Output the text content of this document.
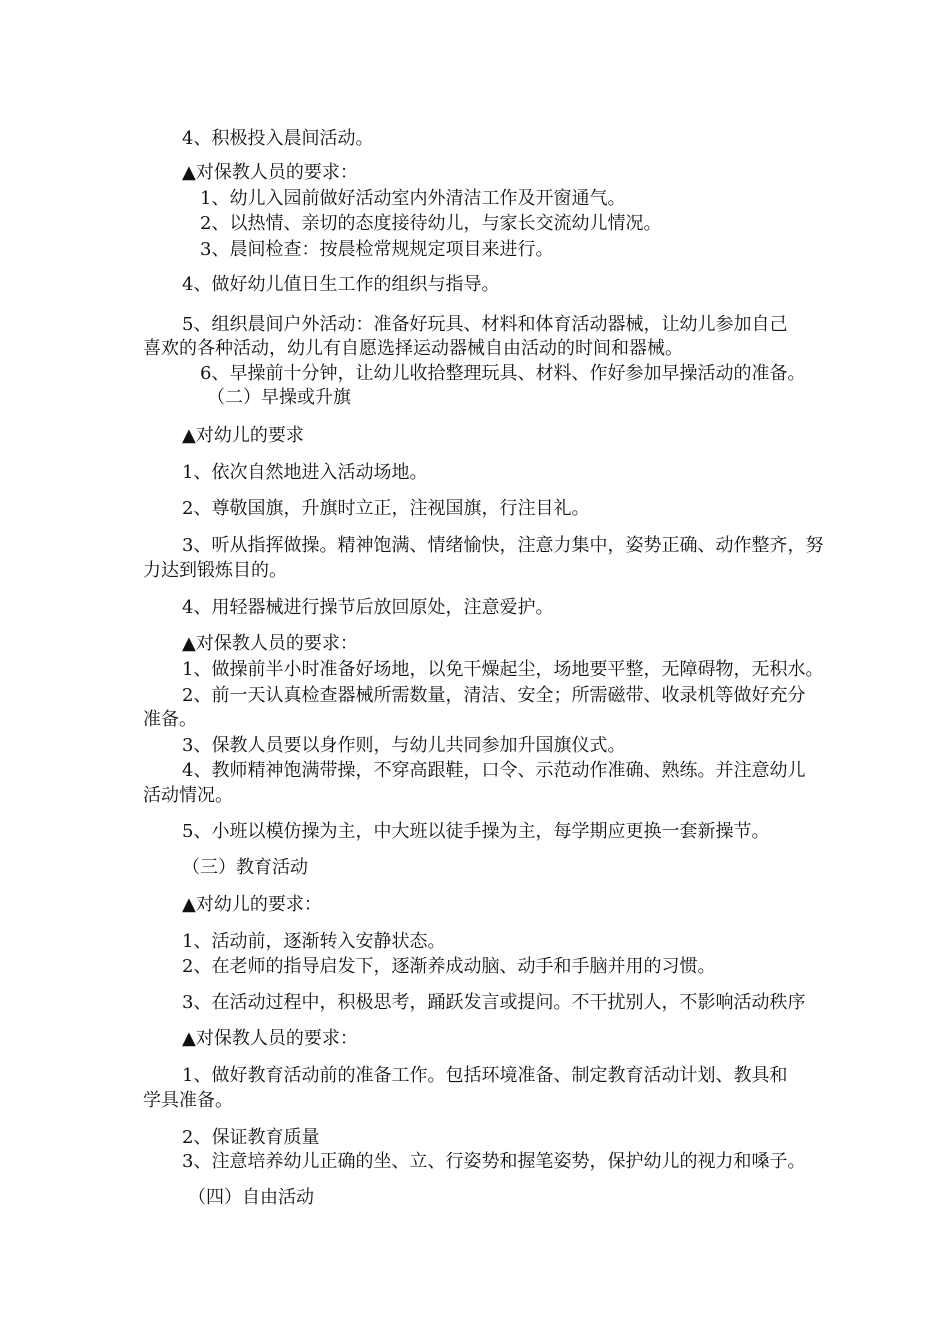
4、积极投入晨间活动。
▲对保教人员的要求：
1、幼儿入园前做好活动室内外清洁工作及开窗通气。
2、以热情、亲切的态度接待幼儿，与家长交流幼儿情况。
3、晨间检查：按晨检常规规定项目来进行。
4、做好幼儿值日生工作的组织与指导。
5、组织晨间户外活动：准备好玩具、材料和体育活动器械，让幼儿参加自己
喜欢的各种活动，幼儿有自愿选择运动器械自由活动的时间和器械。
6、早操前十分钟，让幼儿收拾整理玩具、材料、作好参加早操活动的准备。
（二）早操或升旗
▲对幼儿的要求
1、依次自然地进入活动场地。
2、尊敬国旗，升旗时立正，注视国旗，行注目礼。
3、听从指挥做操。精神饱满、情绪愉快，注意力集中，姿势正确、动作整齐，努
力达到锻炼目的。
4、用轻器械进行操节后放回原处，注意爱护。
▲对保教人员的要求：
1、做操前半小时准备好场地，以免干燥起尘，场地要平整，无障碍物，无积水。
2、前一天认真检查器械所需数量，清洁、安全；所需磁带、收录机等做好充分
准备。
3、保教人员要以身作则，与幼儿共同参加升国旗仪式。
4、教师精神饱满带操，不穿高跟鞋，口令、示范动作准确、熟练。并注意幼儿
活动情况。
5、小班以模仿操为主，中大班以徒手操为主，每学期应更换一套新操节。
（三）教育活动
▲对幼儿的要求：
1、活动前，逐渐转入安静状态。
2、在老师的指导启发下，逐渐养成动脑、动手和手脑并用的习惯。
3、在活动过程中，积极思考，踊跃发言或提问。不干扰别人，不影响活动秩序
▲对保教人员的要求：
1、做好教育活动前的准备工作。包括环境准备、制定教育活动计划、教具和
学具准备。
2、保证教育质量
3、注意培养幼儿正确的坐、立、行姿势和握笔姿势，保护幼儿的视力和嗓子。
（四）自由活动
